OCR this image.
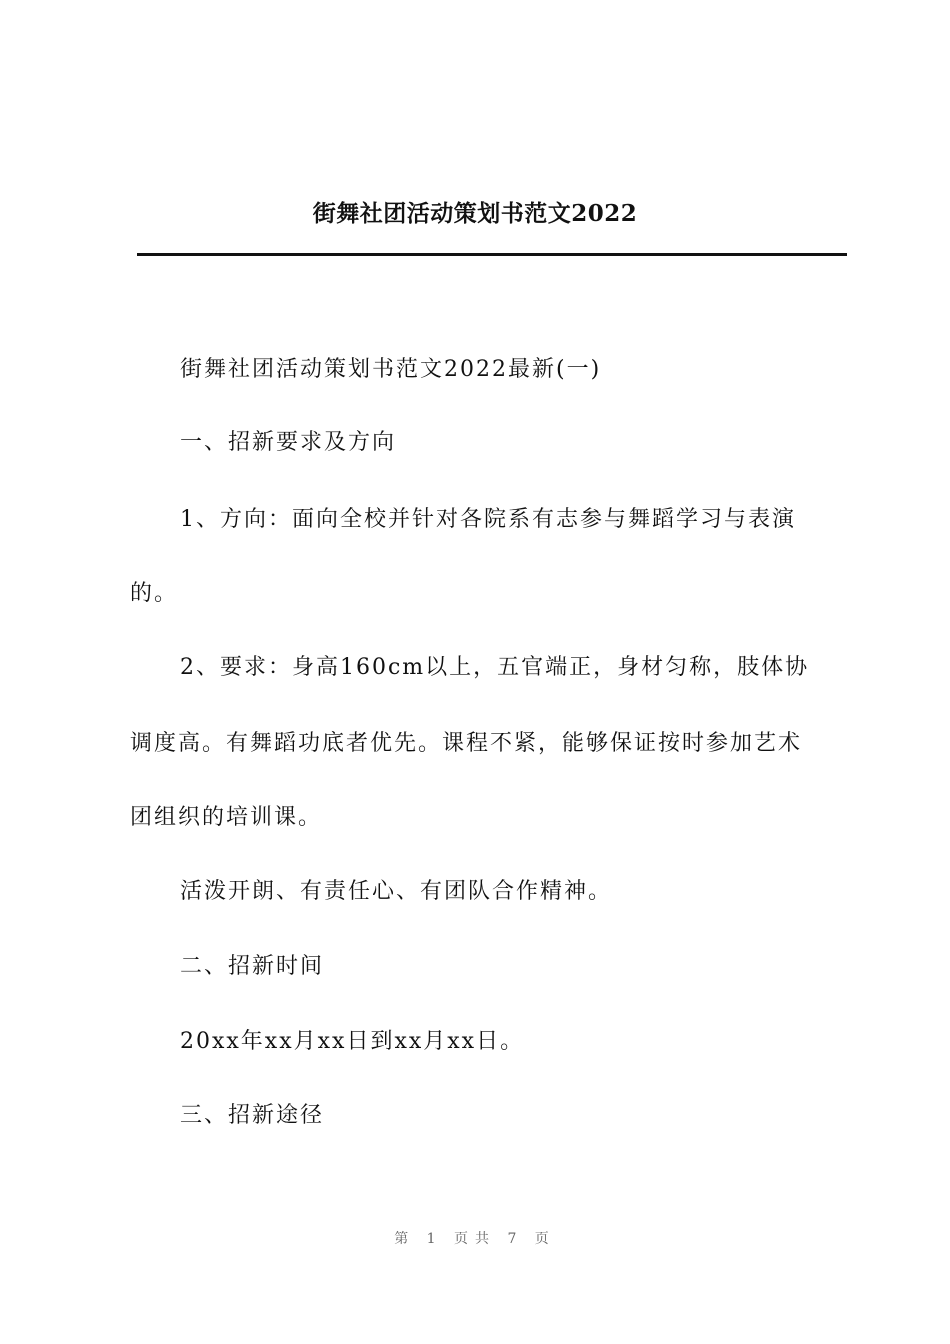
街舞社团活动策划书范文2022

街舞社团活动策划书范文2022最新(一)

一、招新要求及方向

1、方向：面向全校并针对各院系有志参与舞蹈学习与表演

的。

2、要求：身高160cm以上，五官端正，身材匀称，肢体协

调度高。有舞蹈功底者优先。课程不紧，能够保证按时参加艺术

团组织的培训课。

活泼开朗、有责任心、有团队合作精神。

二、招新时间

20xx年xx月xx日到xx月xx日。

三、招新途径

第 1 页共 7 页
